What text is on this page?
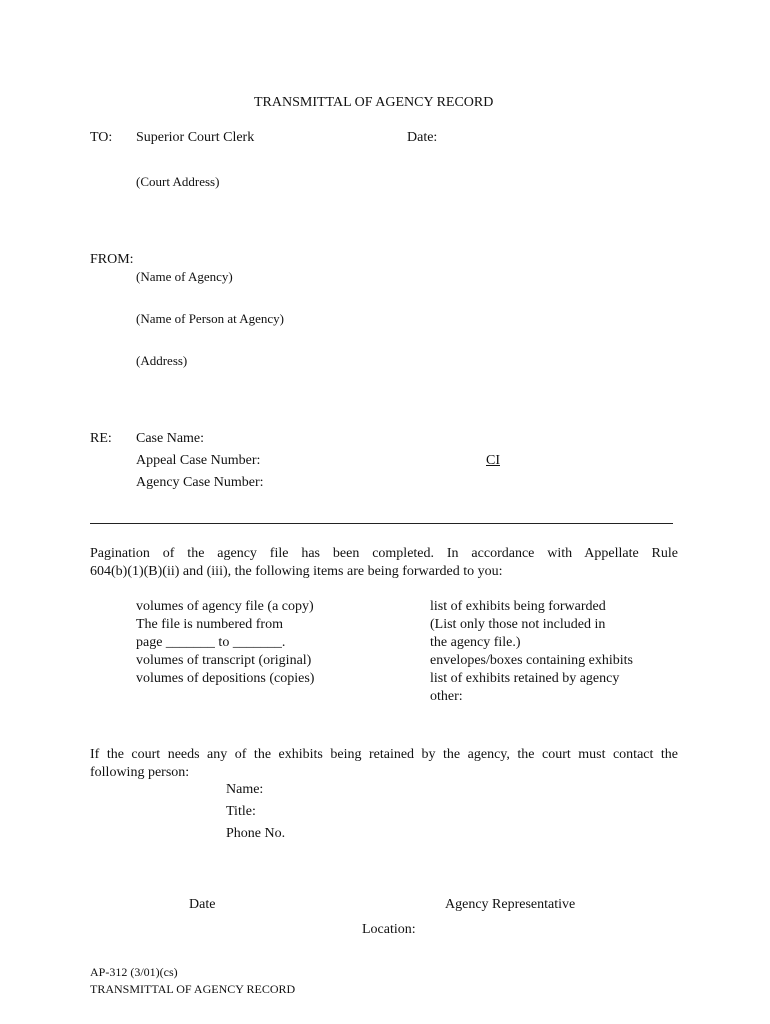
TRANSMITTAL OF AGENCY RECORD
TO: Superior Court Clerk	Date:
(Court Address)
FROM:
(Name of Agency)
(Name of Person at Agency)
(Address)
RE: Case Name:
Appeal Case Number:	CI
Agency Case Number:
Pagination of the agency file has been completed. In accordance with Appellate Rule
604(b)(1)(B)(ii) and (iii), the following items are being forwarded to you:
volumes of agency file (a copy)
The file is numbered from
page _______ to _______.
volumes of transcript (original)
volumes of depositions (copies)
list of exhibits being forwarded
(List only those not included in
the agency file.)
envelopes/boxes containing exhibits
list of exhibits retained by agency
other:
If the court needs any of the exhibits being retained by the agency, the court must contact the
following person:
Name:
Title:
Phone No.
Date	Agency Representative
Location:
AP-312 (3/01)(cs)
TRANSMITTAL OF AGENCY RECORD
